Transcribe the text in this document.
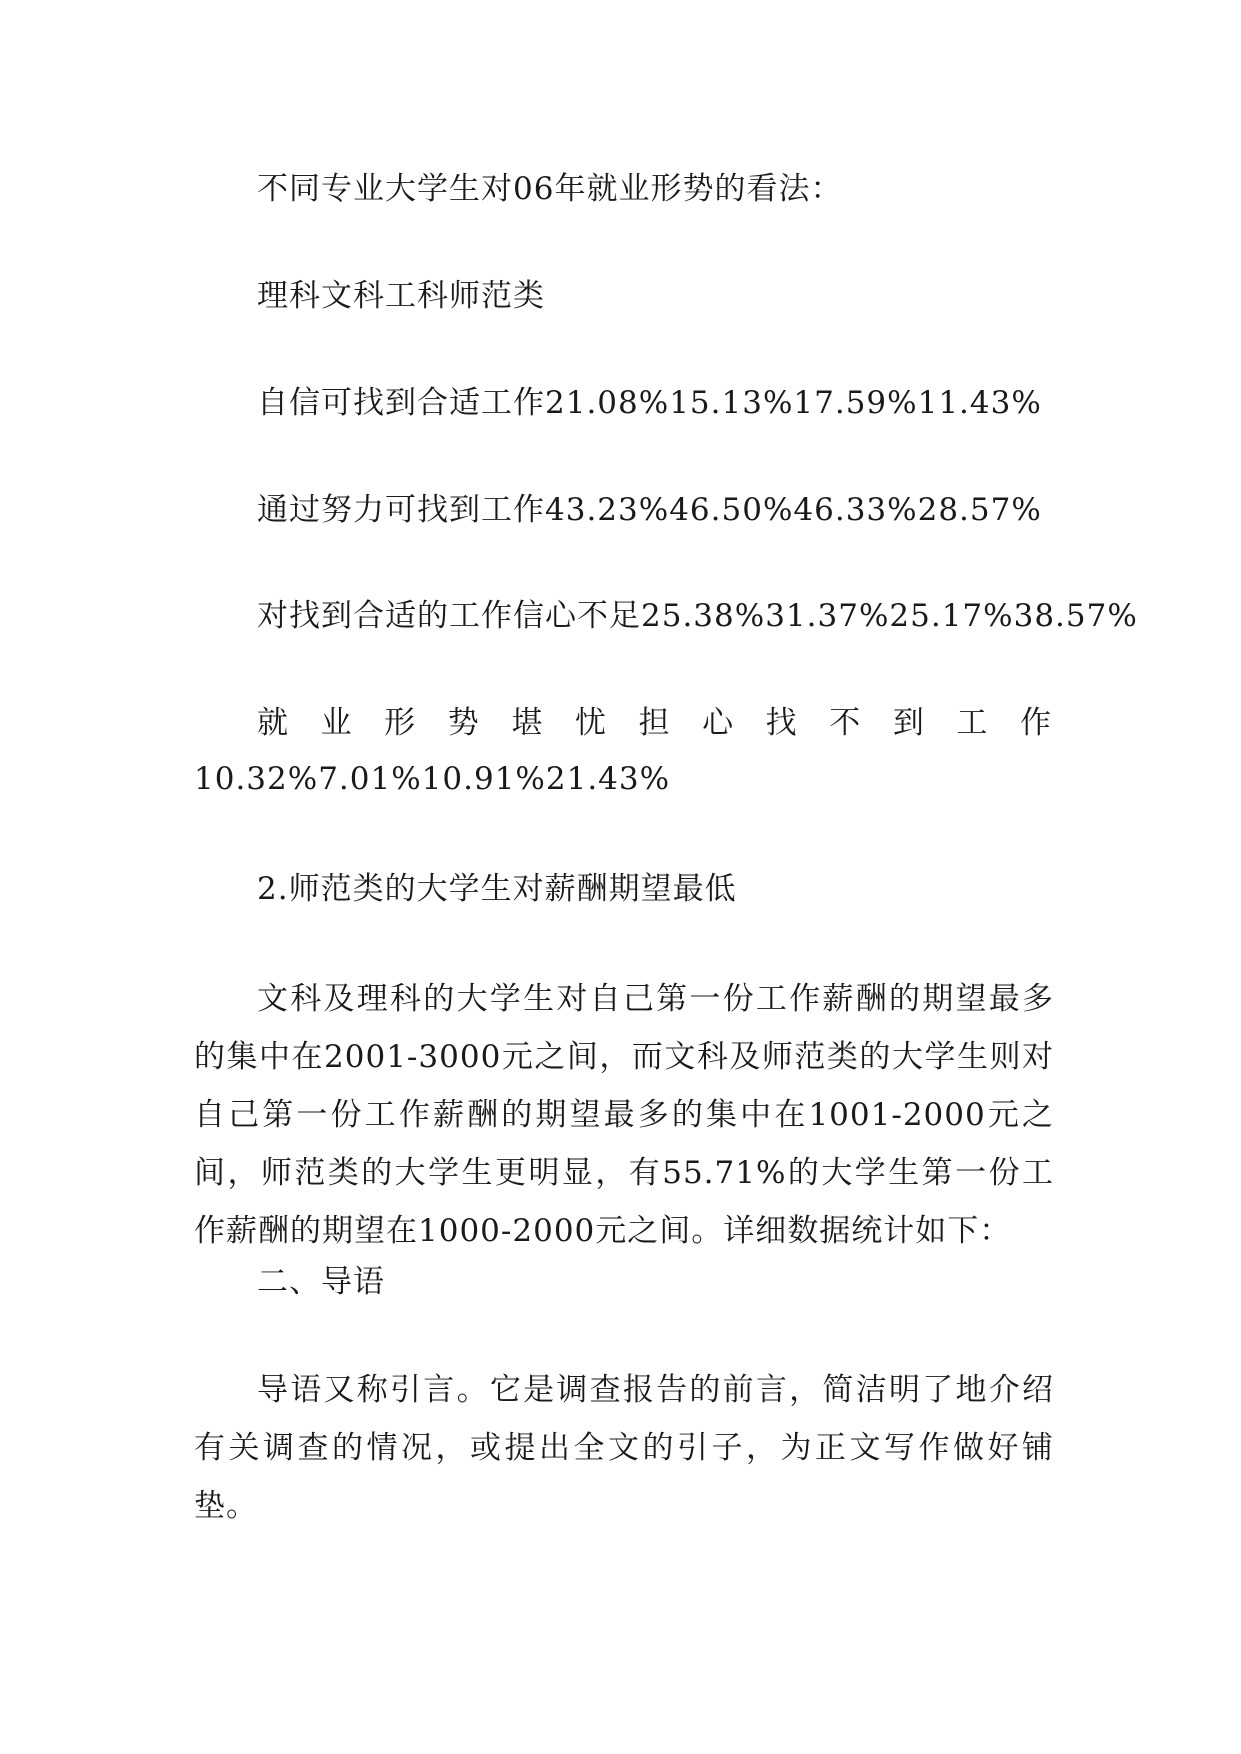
不同专业大学生对06年就业形势的看法：
理科文科工科师范类
自信可找到合适工作21.08%15.13%17.59%11.43%
通过努力可找到工作43.23%46.50%46.33%28.57%
对找到合适的工作信心不足25.38%31.37%25.17%38.57%
就 业 形 势 堪 忧 担 心 找 不 到 工 作
10.32%7.01%10.91%21.43%
2.师范类的大学生对薪酬期望最低
文科及理科的大学生对自己第一份工作薪酬的期望最多的集中在2001-3000元之间，而文科及师范类的大学生则对自己第一份工作薪酬的期望最多的集中在1001-2000元之间，师范类的大学生更明显，有55.71%的大学生第一份工作薪酬的期望在1000-2000元之间。详细数据统计如下：
二、导语
导语又称引言。它是调查报告的前言，简洁明了地介绍有关调查的情况，或提出全文的引子，为正文写作做好铺垫。
